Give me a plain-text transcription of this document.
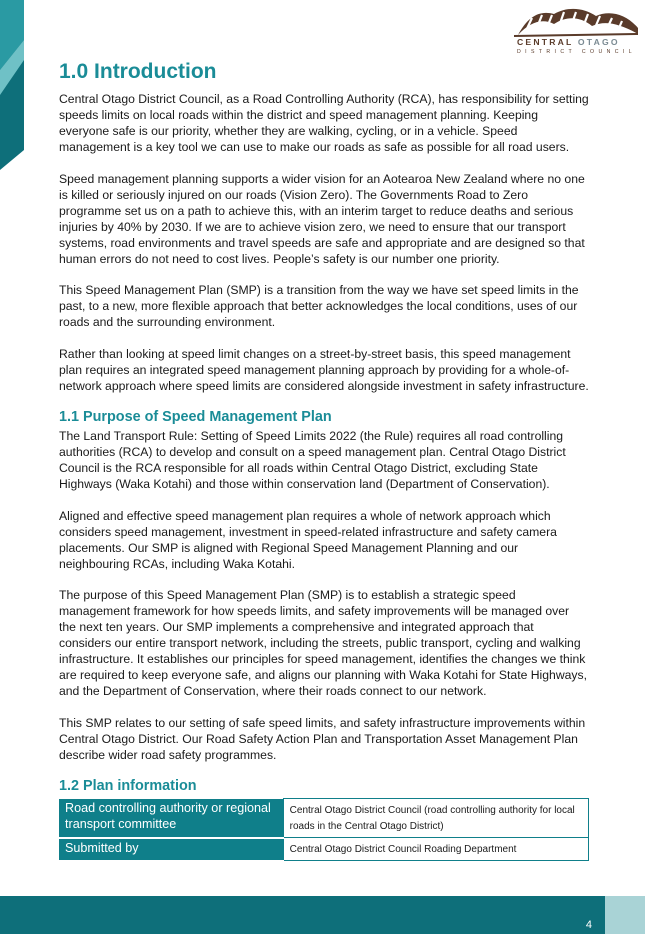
CENTRAL OTAGO
DISTRICT COUNCIL
1.0 Introduction

Central Otago District Council, as a Road Controlling Authority (RCA), has responsibility for setting speeds limits on local roads within the district and speed management planning. Keeping everyone safe is our priority, whether they are walking, cycling, or in a vehicle. Speed management is a key tool we can use to make our roads as safe as possible for all road users.

Speed management planning supports a wider vision for an Aotearoa New Zealand where no one is killed or seriously injured on our roads (Vision Zero). The Governments Road to Zero programme set us on a path to achieve this, with an interim target to reduce deaths and serious injuries by 40% by 2030. If we are to achieve vision zero, we need to ensure that our transport systems, road environments and travel speeds are safe and appropriate and are designed so that human errors do not need to cost lives. People’s safety is our number one priority.

This Speed Management Plan (SMP) is a transition from the way we have set speed limits in the past, to a new, more flexible approach that better acknowledges the local conditions, uses of our roads and the surrounding environment.

Rather than looking at speed limit changes on a street-by-street basis, this speed management plan requires an integrated speed management planning approach by providing for a whole-of-network approach where speed limits are considered alongside investment in safety infrastructure.

1.1 Purpose of Speed Management Plan

The Land Transport Rule: Setting of Speed Limits 2022 (the Rule) requires all road controlling authorities (RCA) to develop and consult on a speed management plan. Central Otago District Council is the RCA responsible for all roads within Central Otago District, excluding State Highways (Waka Kotahi) and those within conservation land (Department of Conservation).

Aligned and effective speed management plan requires a whole of network approach which considers speed management, investment in speed-related infrastructure and safety camera placements. Our SMP is aligned with Regional Speed Management Planning and our neighbouring RCAs, including Waka Kotahi.

The purpose of this Speed Management Plan (SMP) is to establish a strategic speed management framework for how speeds limits, and safety improvements will be managed over the next ten years. Our SMP implements a comprehensive and integrated approach that considers our entire transport network, including the streets, public transport, cycling and walking infrastructure. It establishes our principles for speed management, identifies the changes we think are required to keep everyone safe, and aligns our planning with Waka Kotahi for State Highways, and the Department of Conservation, where their roads connect to our network.

This SMP relates to our setting of safe speed limits, and safety infrastructure improvements within Central Otago District. Our Road Safety Action Plan and Transportation Asset Management Plan describe wider road safety programmes.

1.2 Plan information
Road controlling authority or regional transport committee	Central Otago District Council (road controlling authority for local roads in the Central Otago District)
Submitted by	Central Otago District Council Roading Department
4
